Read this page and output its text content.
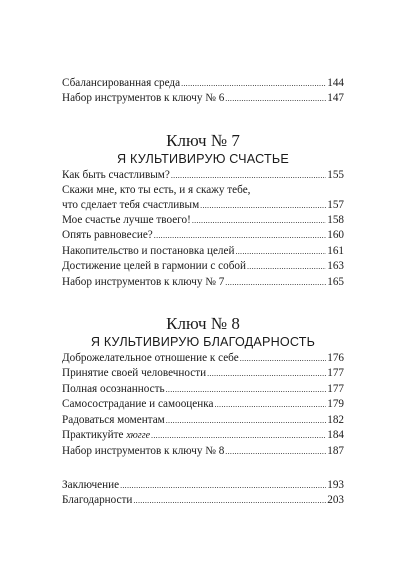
Сбалансированная среда .....	144
Набор инструментов к ключу № 6 .....	147
Ключ № 7
Я КУЛЬТИВИРУЮ СЧАСТЬЕ
Как быть счастливым? .....	155
Скажи мне, кто ты есть, и я скажу тебе,
что сделает тебя счастливым .....	157
Мое счастье лучше твоего! .....	158
Опять равновесие? .....	160
Накопительство и постановка целей .....	161
Достижение целей в гармонии с собой .....	163
Набор инструментов к ключу № 7 .....	165
Ключ № 8
Я КУЛЬТИВИРУЮ БЛАГОДАРНОСТЬ
Доброжелательное отношение к себе .....	176
Принятие своей человечности .....	177
Полная осознанность .....	177
Самосострадание и самооценка .....	179
Радоваться моментам .....	182
Практикуйте хюгге .....	184
Набор инструментов к ключу № 8 .....	187
Заключение .....	193
Благодарности .....	203
